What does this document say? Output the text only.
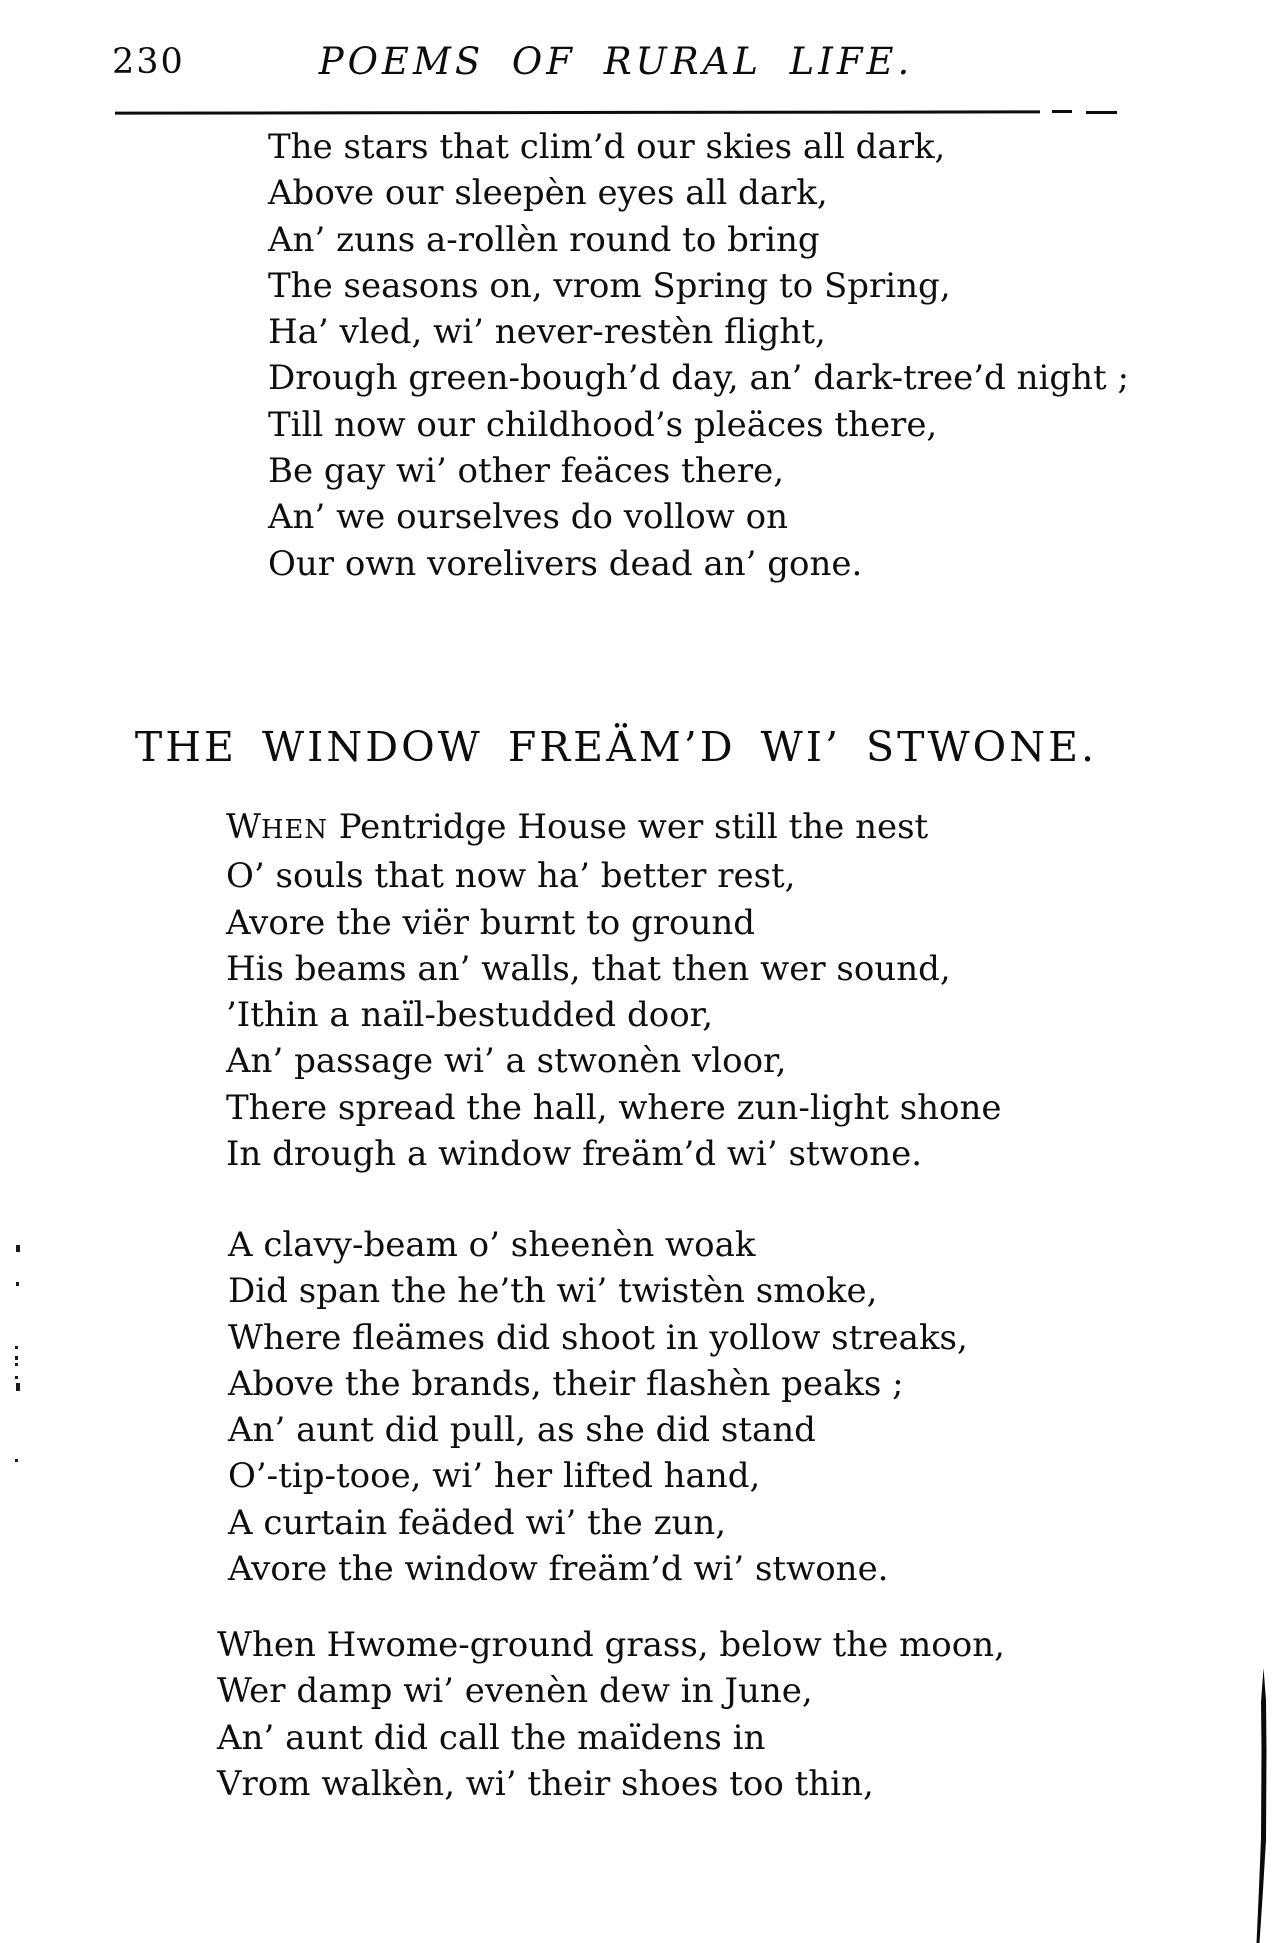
230	POEMS OF RURAL LIFE.
The stars that clim’d our skies all dark,
Above our sleepèn eyes all dark,
An’ zuns a-rollèn round to bring
The seasons on, vrom Spring to Spring,
Ha’ vled, wi’ never-restèn flight,
Drough green-bough’d day, an’ dark-tree’d night ;
Till now our childhood’s pleäces there,
Be gay wi’ other feäces there,
An’ we ourselves do vollow on
Our own vorelivers dead an’ gone.
THE WINDOW FREÄM’D WI’ STWONE.
WHEN Pentridge House wer still the nest
O’ souls that now ha’ better rest,
Avore the viër burnt to ground
His beams an’ walls, that then wer sound,
’Ithin a naïl-bestudded door,
An’ passage wi’ a stwonèn vloor,
There spread the hall, where zun-light shone
In drough a window freäm’d wi’ stwone.
A clavy-beam o’ sheenèn woak
Did span the he’th wi’ twistèn smoke,
Where fleämes did shoot in yollow streaks,
Above the brands, their flashèn peaks ;
An’ aunt did pull, as she did stand
O’-tip-tooe, wi’ her lifted hand,
A curtain feäded wi’ the zun,
Avore the window freäm’d wi’ stwone.
When Hwome-ground grass, below the moon,
Wer damp wi’ evenèn dew in June,
An’ aunt did call the maïdens in
Vrom walkèn, wi’ their shoes too thin,
